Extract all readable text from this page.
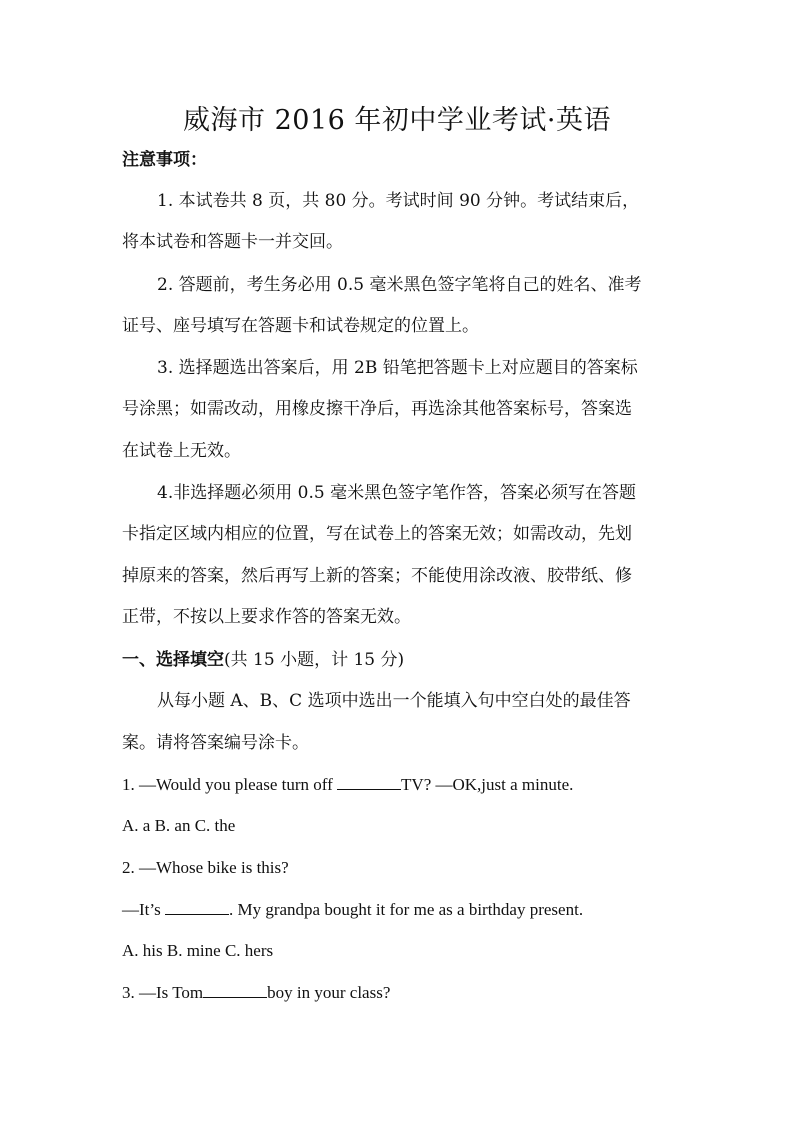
威海市 2016 年初中学业考试·英语
注意事项：
1. 本试卷共 8 页，共 80 分。考试时间 90 分钟。考试结束后，
将本试卷和答题卡一并交回。
2. 答题前，考生务必用 0.5 毫米黑色签字笔将自己的姓名、准考
证号、座号填写在答题卡和试卷规定的位置上。
3. 选择题选出答案后，用 2B 铅笔把答题卡上对应题目的答案标
号涂黑；如需改动，用橡皮擦干净后，再选涂其他答案标号，答案选
在试卷上无效。
4.非选择题必须用 0.5 毫米黑色签字笔作答，答案必须写在答题
卡指定区域内相应的位置，写在试卷上的答案无效；如需改动，先划
掉原来的答案，然后再写上新的答案；不能使用涂改液、胶带纸、修
正带，不按以上要求作答的答案无效。
一、选择填空(共 15 小题，计 15 分)
从每小题 A、B、C 选项中选出一个能填入句中空白处的最佳答
案。请将答案编号涂卡。
1. —Would you please turn off	TV? —OK,just a minute.
A. a B. an C. the
2. —Whose bike is this?
—It’s	. My grandpa bought it for me as a birthday present.
A. his B. mine C. hers
3. —Is Tom	boy in your class?
